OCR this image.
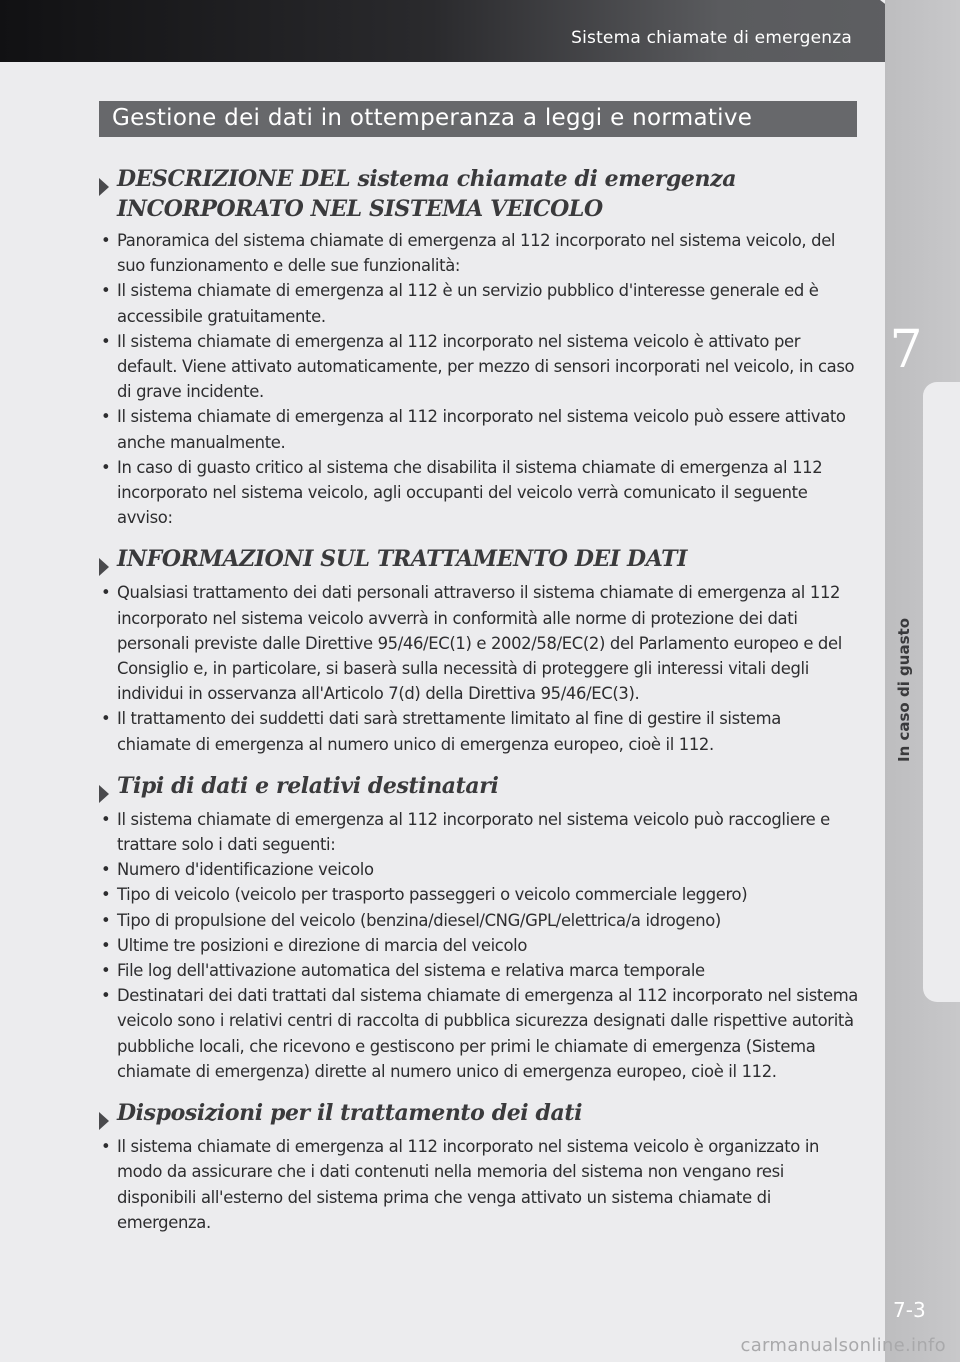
Sistema chiamate di emergenza
7
In caso di guasto
7-3
carmanualsonline.info
Gestione dei dati in ottemperanza a leggi e normative
DESCRIZIONE DEL sistema chiamate di emergenza INCORPORATO NEL SISTEMA VEICOLO
• Panoramica del sistema chiamate di emergenza al 112 incorporato nel sistema veicolo, del suo funzionamento e delle sue funzionalità:
• Il sistema chiamate di emergenza al 112 è un servizio pubblico d'interesse generale ed è accessibile gratuitamente.
• Il sistema chiamate di emergenza al 112 incorporato nel sistema veicolo è attivato per default. Viene attivato automaticamente, per mezzo di sensori incorporati nel veicolo, in caso di grave incidente.
• Il sistema chiamate di emergenza al 112 incorporato nel sistema veicolo può essere attivato anche manualmente.
• In caso di guasto critico al sistema che disabilita il sistema chiamate di emergenza al 112 incorporato nel sistema veicolo, agli occupanti del veicolo verrà comunicato il seguente avviso:
INFORMAZIONI SUL TRATTAMENTO DEI DATI
• Qualsiasi trattamento dei dati personali attraverso il sistema chiamate di emergenza al 112 incorporato nel sistema veicolo avverrà in conformità alle norme di protezione dei dati personali previste dalle Direttive 95/46/EC(1) e 2002/58/EC(2) del Parlamento europeo e del Consiglio e, in particolare, si baserà sulla necessità di proteggere gli interessi vitali degli individui in osservanza all'Articolo 7(d) della Direttiva 95/46/EC(3).
• Il trattamento dei suddetti dati sarà strettamente limitato al fine di gestire il sistema chiamate di emergenza al numero unico di emergenza europeo, cioè il 112.
Tipi di dati e relativi destinatari
• Il sistema chiamate di emergenza al 112 incorporato nel sistema veicolo può raccogliere e trattare solo i dati seguenti:
• Numero d'identificazione veicolo
• Tipo di veicolo (veicolo per trasporto passeggeri o veicolo commerciale leggero)
• Tipo di propulsione del veicolo (benzina/diesel/CNG/GPL/elettrica/a idrogeno)
• Ultime tre posizioni e direzione di marcia del veicolo
• File log dell'attivazione automatica del sistema e relativa marca temporale
• Destinatari dei dati trattati dal sistema chiamate di emergenza al 112 incorporato nel sistema veicolo sono i relativi centri di raccolta di pubblica sicurezza designati dalle rispettive autorità pubbliche locali, che ricevono e gestiscono per primi le chiamate di emergenza (Sistema chiamate di emergenza) dirette al numero unico di emergenza europeo, cioè il 112.
Disposizioni per il trattamento dei dati
• Il sistema chiamate di emergenza al 112 incorporato nel sistema veicolo è organizzato in modo da assicurare che i dati contenuti nella memoria del sistema non vengano resi disponibili all'esterno del sistema prima che venga attivato un sistema chiamate di emergenza.
